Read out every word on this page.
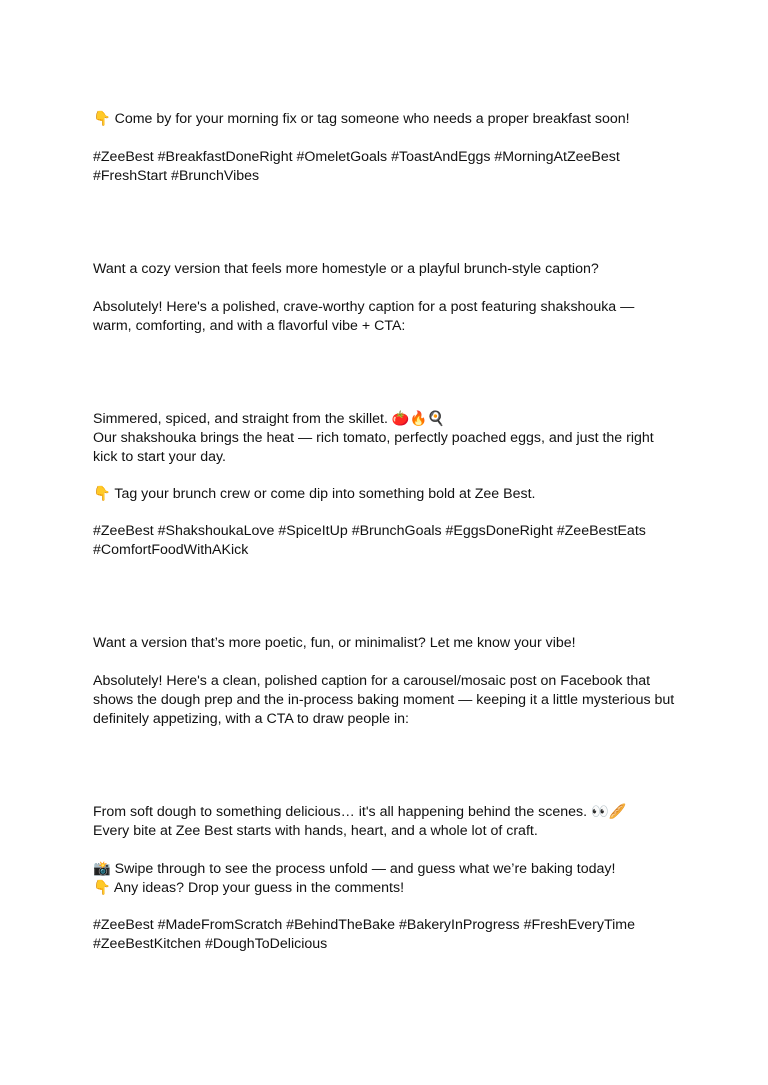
👇 Come by for your morning fix or tag someone who needs a proper breakfast soon!

#ZeeBest #BreakfastDoneRight #OmeletGoals #ToastAndEggs #MorningAtZeeBest

#FreshStart #BrunchVibes

Want a cozy version that feels more homestyle or a playful brunch-style caption?

Absolutely! Here's a polished, crave-worthy caption for a post featuring shakshouka —

warm, comforting, and with a flavorful vibe + CTA:

Simmered, spiced, and straight from the skillet. 🍅🔥🍳

Our shakshouka brings the heat — rich tomato, perfectly poached eggs, and just the right

kick to start your day.

👇 Tag your brunch crew or come dip into something bold at Zee Best.

#ZeeBest #ShakshoukaLove #SpiceItUp #BrunchGoals #EggsDoneRight #ZeeBestEats

#ComfortFoodWithAKick

Want a version that’s more poetic, fun, or minimalist? Let me know your vibe!

Absolutely! Here's a clean, polished caption for a carousel/mosaic post on Facebook that

shows the dough prep and the in-process baking moment — keeping it a little mysterious but

definitely appetizing, with a CTA to draw people in:

From soft dough to something delicious… it's all happening behind the scenes. 👀🥖

Every bite at Zee Best starts with hands, heart, and a whole lot of craft.

📸 Swipe through to see the process unfold — and guess what we’re baking today!

👇 Any ideas? Drop your guess in the comments!

#ZeeBest #MadeFromScratch #BehindTheBake #BakeryInProgress #FreshEveryTime

#ZeeBestKitchen #DoughToDelicious
